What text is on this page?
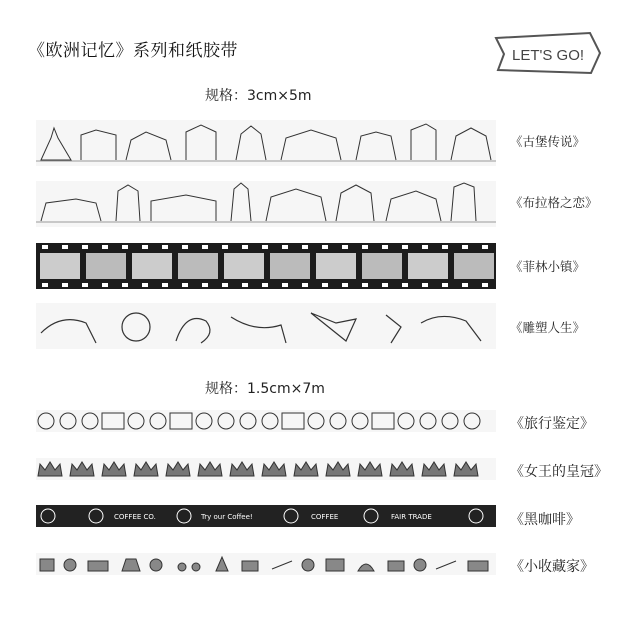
《欧洲记忆》系列和纸胶带	LET'S GO!
规格：3cm×5m
《古堡传说》
《布拉格之恋》
《菲林小镇》
《雕塑人生》
规格：1.5cm×7m
《旅行鉴定》
《女王的皇冠》
COFFEE CO.	Try our Coffee!	COFFEE	FAIR TRADE	《黑咖啡》
《小收藏家》
